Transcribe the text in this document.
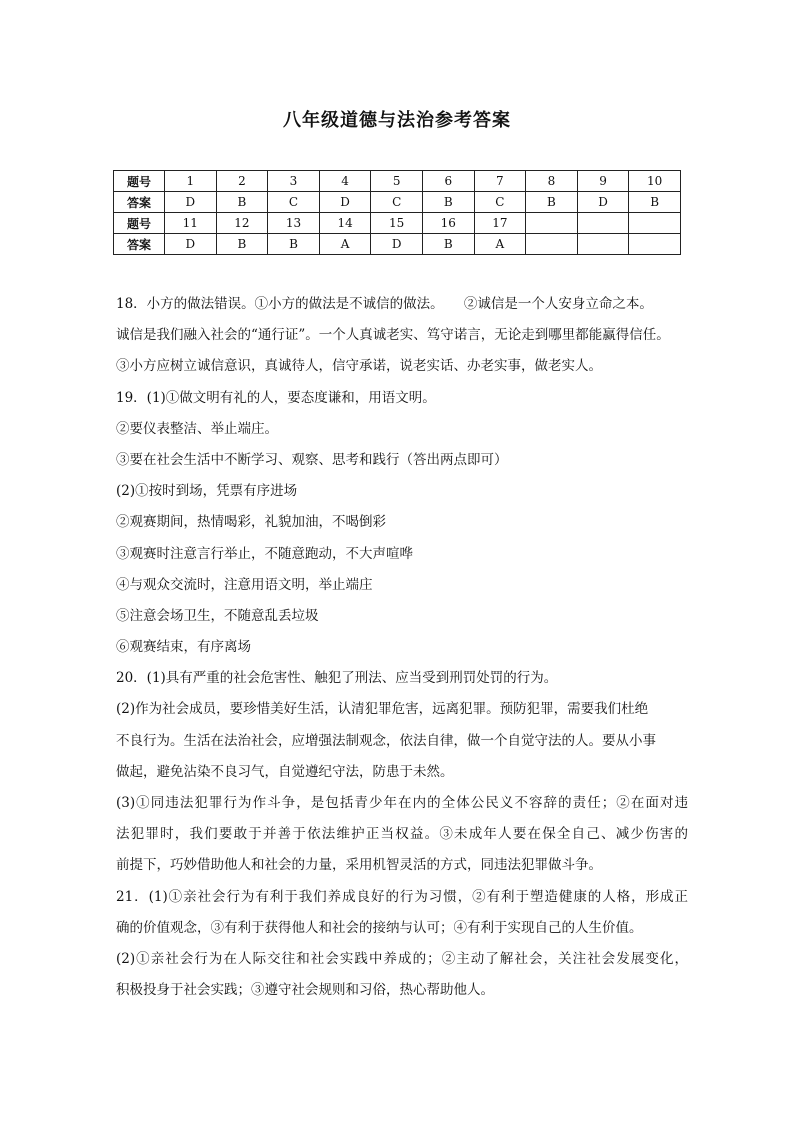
八年级道德与法治参考答案
题号	1	2	3	4	5	6	7	8	9	10
答案	D	B	C	D	C	B	C	B	D	B
题号	11	12	13	14	15	16	17			
答案	D	B	B	A	D	B	A			
18．小方的做法错误。①小方的做法是不诚信的做法。　　②诚信是一个人安身立命之本。
诚信是我们融入社会的“通行证”。一个人真诚老实、笃守诺言，无论走到哪里都能赢得信任。
③小方应树立诚信意识，真诚待人，信守承诺，说老实话、办老实事，做老实人。
19．(1)①做文明有礼的人，要态度谦和，用语文明。
②要仪表整洁、举止端庄。
③要在社会生活中不断学习、观察、思考和践行（答出两点即可）
(2)①按时到场，凭票有序进场
②观赛期间，热情喝彩，礼貌加油，不喝倒彩
③观赛时注意言行举止，不随意跑动，不大声喧哗
④与观众交流时，注意用语文明，举止端庄
⑤注意会场卫生，不随意乱丢垃圾
⑥观赛结束，有序离场
20．(1)具有严重的社会危害性、触犯了刑法、应当受到刑罚处罚的行为。
(2)作为社会成员，要珍惜美好生活，认清犯罪危害，远离犯罪。预防犯罪，需要我们杜绝
不良行为。生活在法治社会，应增强法制观念，依法自律，做一个自觉守法的人。要从小事
做起，避免沾染不良习气，自觉遵纪守法，防患于未然。
(3)①同违法犯罪行为作斗争，是包括青少年在内的全体公民义不容辞的责任；②在面对违
法犯罪时，我们要敢于并善于依法维护正当权益。③未成年人要在保全自己、减少伤害的
前提下，巧妙借助他人和社会的力量，采用机智灵活的方式，同违法犯罪做斗争。
21．(1)①亲社会行为有利于我们养成良好的行为习惯，②有利于塑造健康的人格，形成正
确的价值观念，③有利于获得他人和社会的接纳与认可；④有利于实现自己的人生价值。
(2)①亲社会行为在人际交往和社会实践中养成的；②主动了解社会，关注社会发展变化，
积极投身于社会实践；③遵守社会规则和习俗，热心帮助他人。
